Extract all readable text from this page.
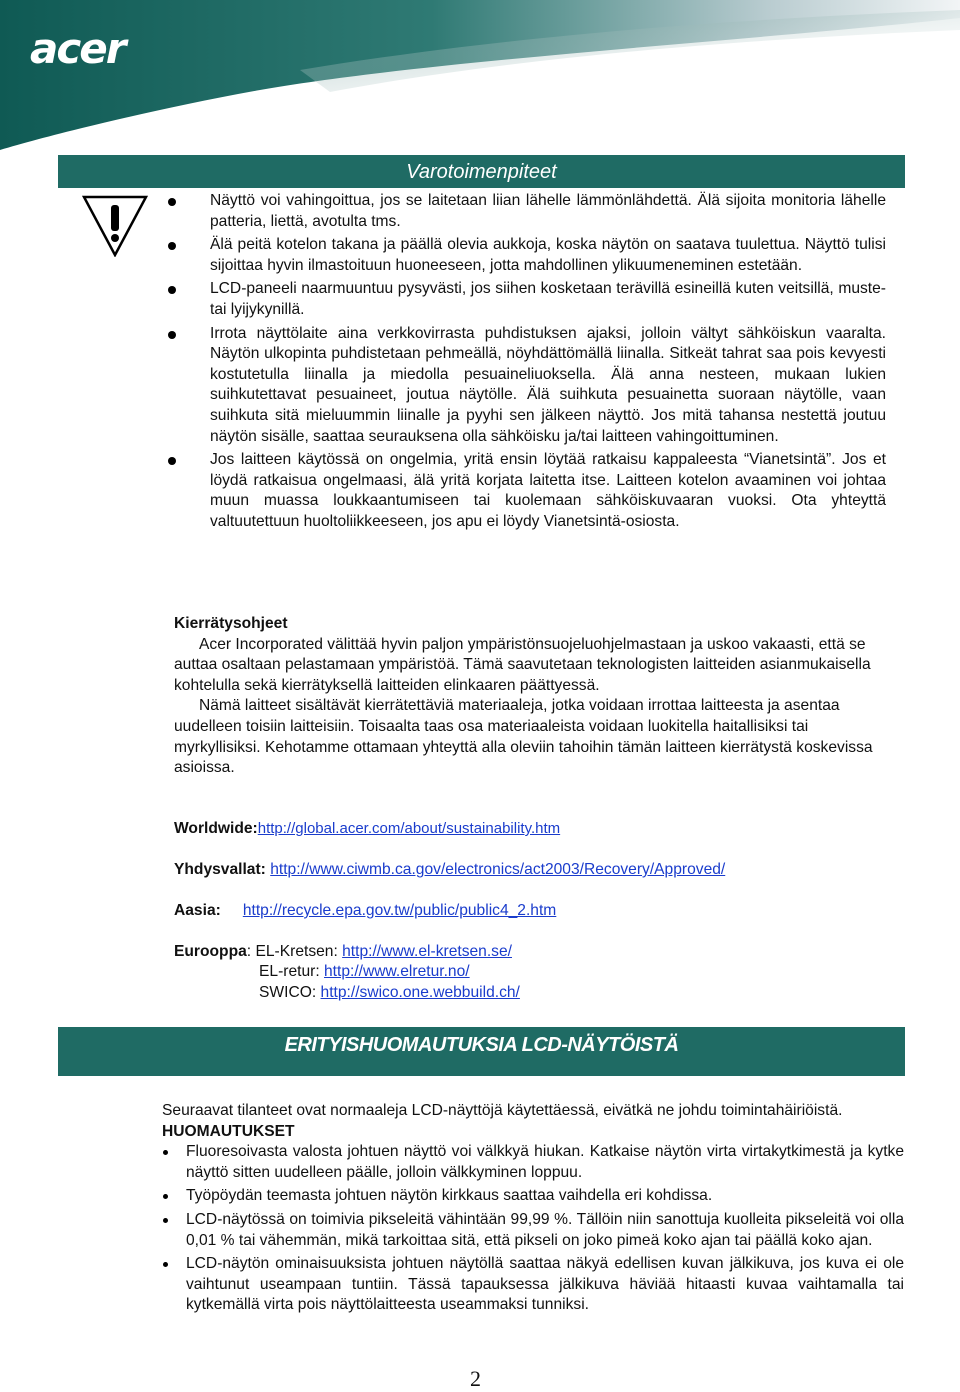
acer
Varotoimenpiteet
Näyttö voi vahingoittua, jos se laitetaan liian lähelle lämmönlähdettä. Älä sijoita monitoria lähelle patteria, liettä, avotulta tms.
Älä peitä kotelon takana ja päällä olevia aukkoja, koska näytön on saatava tuulettua. Näyttö tulisi sijoittaa hyvin ilmastoituun huoneeseen, jotta mahdollinen ylikuumeneminen estetään.
LCD-paneeli naarmuuntuu pysyvästi, jos siihen kosketaan terävillä esineillä kuten veitsillä, muste- tai lyijykynillä.
Irrota näyttölaite aina verkkovirrasta puhdistuksen ajaksi, jolloin vältyt sähköiskun vaaralta. Näytön ulkopinta puhdistetaan pehmeällä, nöyhdättömällä liinalla. Sitkeät tahrat saa pois kevyesti kostutetulla liinalla ja miedolla pesuaineliuoksella. Älä anna nesteen, mukaan lukien suihkutettavat pesuaineet, joutua näytölle. Älä suihkuta pesuainetta suoraan näytölle, vaan suihkuta sitä mieluummin liinalle ja pyyhi sen jälkeen näyttö. Jos mitä tahansa nestettä joutuu näytön sisälle, saattaa seurauksena olla sähköisku ja/tai laitteen vahingoittuminen.
Jos laitteen käytössä on ongelmia, yritä ensin löytää ratkaisu kappaleesta “Vianetsintä”. Jos et löydä ratkaisua ongelmaasi, älä yritä korjata laitetta itse. Laitteen kotelon avaaminen voi johtaa muun muassa loukkaantumiseen tai kuolemaan sähköiskuvaaran vuoksi. Ota yhteyttä valtuutettuun huoltoliikkeeseen, jos apu ei löydy Vianetsintä-osiosta.

Kierrätysohjeet

Acer Incorporated välittää hyvin paljon ympäristönsuojeluohjelmastaan ja uskoo vakaasti, että se auttaa osaltaan pelastamaan ympäristöä. Tämä saavutetaan teknologisten laitteiden asianmukaisella kohtelulla sekä kierrätyksellä laitteiden elinkaaren päättyessä.

Nämä laitteet sisältävät kierrätettäviä materiaaleja, jotka voidaan irrottaa laitteesta ja asentaa uudelleen toisiin laitteisiin. Toisaalta taas osa materiaaleista voidaan luokitella haitallisiksi tai myrkyllisiksi. Kehotamme ottamaan yhteyttä alla oleviin tahoihin tämän laitteen kierrätystä koskevissa asioissa.

Worldwide:http://global.acer.com/about/sustainability.htm
Yhdysvallat: http://www.ciwmb.ca.gov/electronics/act2003/Recovery/Approved/
Aasia: http://recycle.epa.gov.tw/public/public4_2.htm
Eurooppa: EL-Kretsen: http://www.el-kretsen.se/
EL-retur: http://www.elretur.no/
SWICO: http://swico.one.webbuild.ch/
ERITYISHUOMAUTUKSIA LCD-NÄYTÖISTÄ

Seuraavat tilanteet ovat normaaleja LCD-näyttöjä käytettäessä, eivätkä ne johdu toimintahäiriöistä.

HUOMAUTUKSET

Fluoresoivasta valosta johtuen näyttö voi välkkyä hiukan. Katkaise näytön virta virtakytkimestä ja kytke näyttö sitten uudelleen päälle, jolloin välkkyminen loppuu.
Työpöydän teemasta johtuen näytön kirkkaus saattaa vaihdella eri kohdissa.
LCD-näytössä on toimivia pikseleitä vähintään 99,99 %. Tällöin niin sanottuja kuolleita pikseleitä voi olla 0,01 % tai vähemmän, mikä tarkoittaa sitä, että pikseli on joko pimeä koko ajan tai päällä koko ajan.
LCD-näytön ominaisuuksista johtuen näytöllä saattaa näkyä edellisen kuvan jälkikuva, jos kuva ei ole vaihtunut useampaan tuntiin. Tässä tapauksessa jälkikuva häviää hitaasti kuvaa vaihtamalla tai kytkemällä virta pois näyttölaitteesta useammaksi tunniksi.
2
